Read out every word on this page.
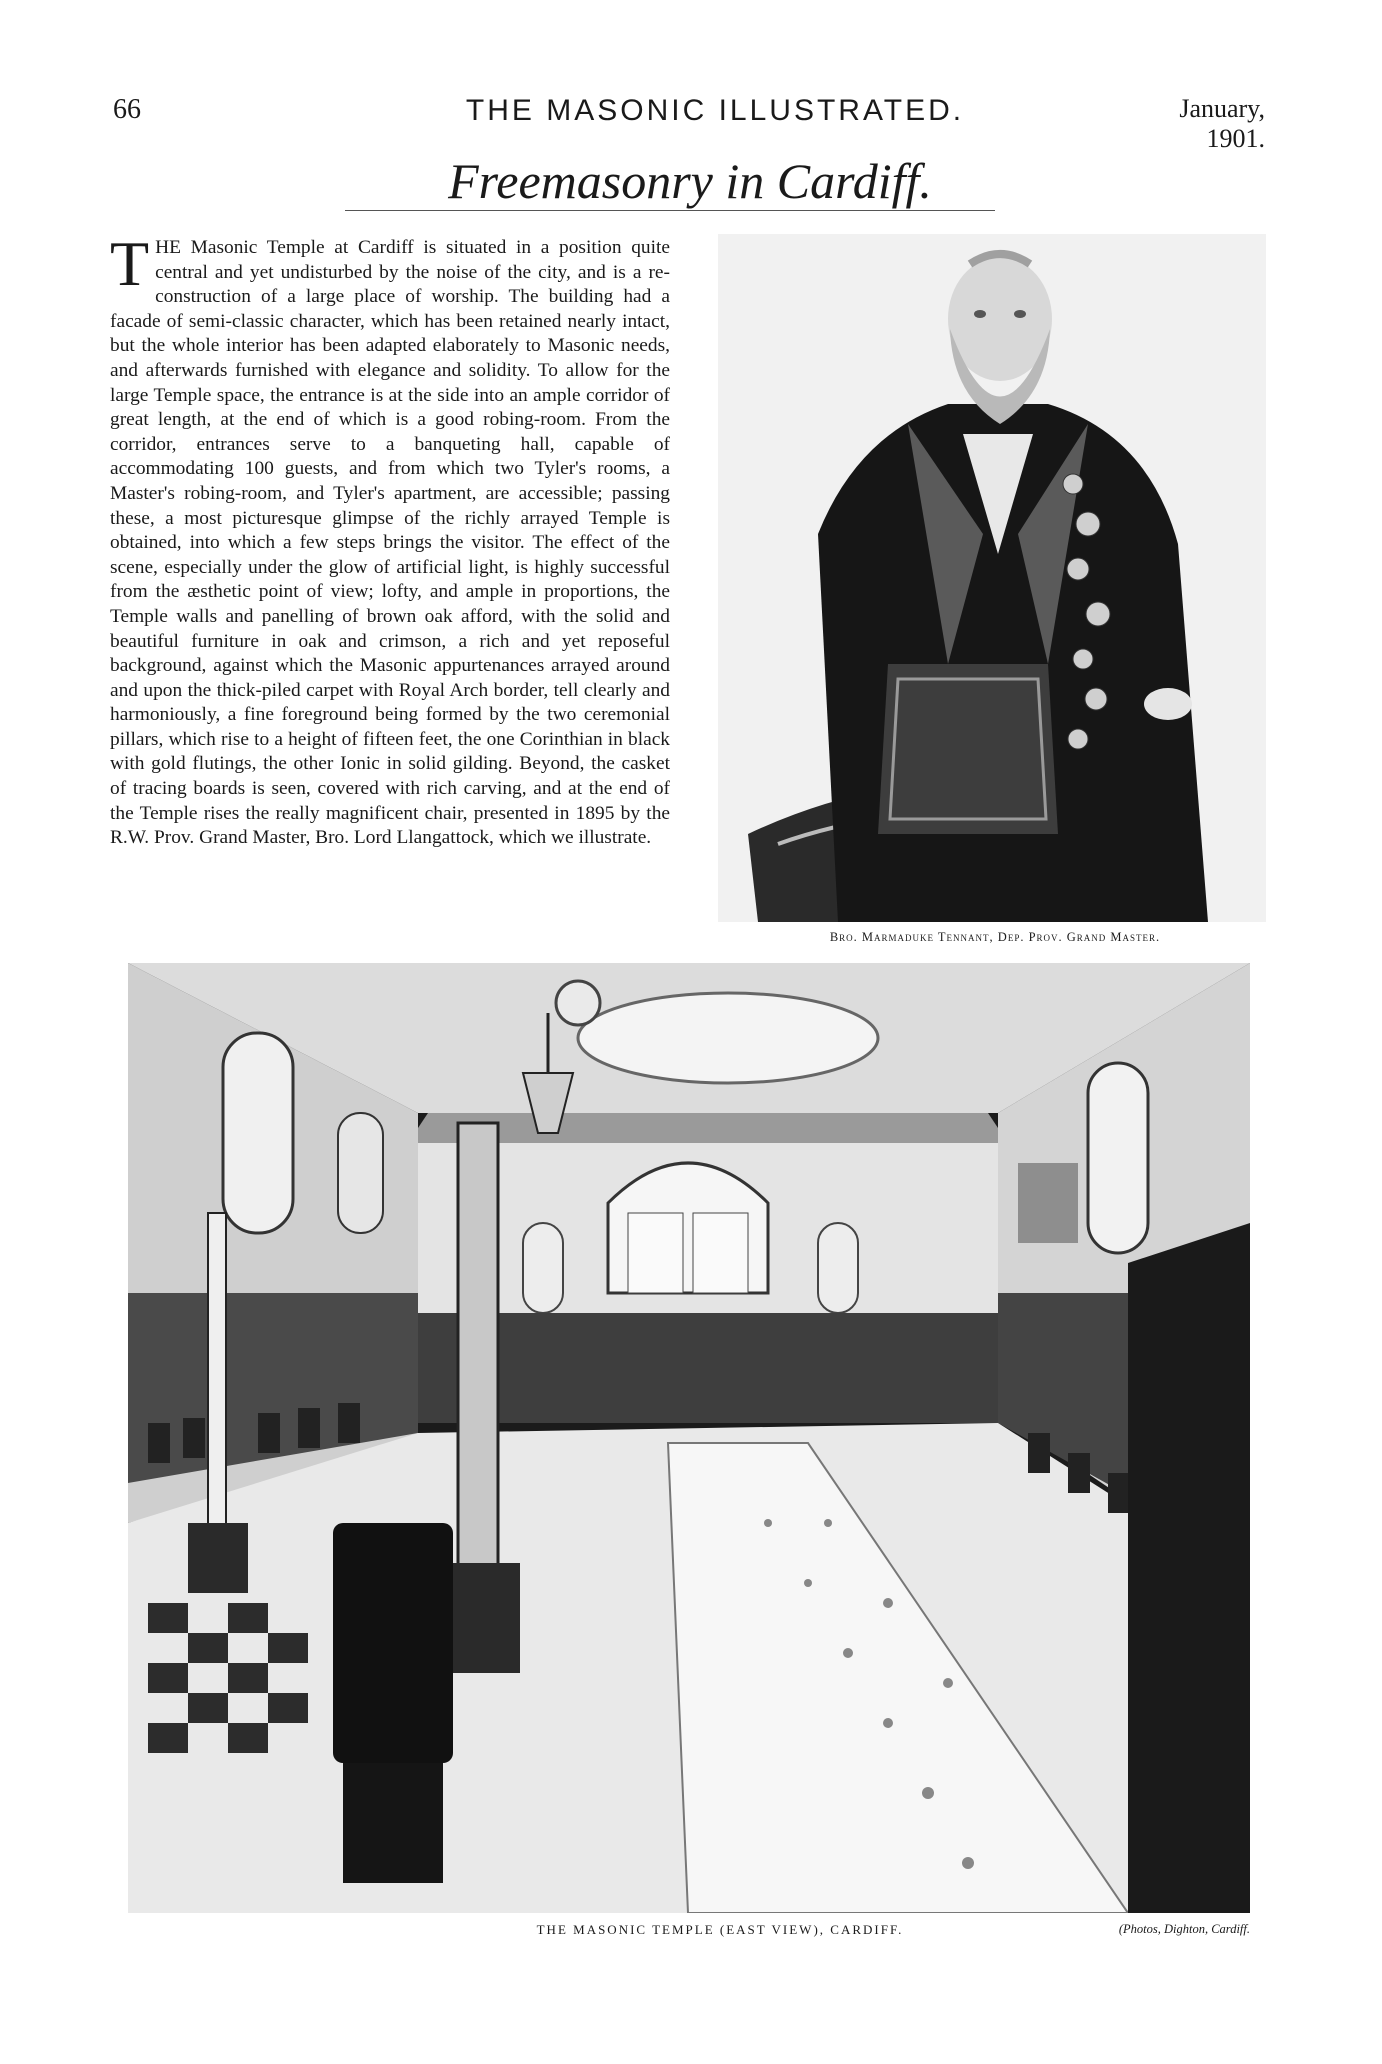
66	THE MASONIC ILLUSTRATED.	January, 1901.
Freemasonry in Cardiff.
THE Masonic Temple at Cardiff is situated in a position quite central and yet undisturbed by the noise of the city, and is a re-construction of a large place of worship. The building had a facade of semi-classic character, which has been retained nearly intact, but the whole interior has been adapted elaborately to Masonic needs, and afterwards furnished with elegance and solidity. To allow for the large Temple space, the entrance is at the side into an ample corridor of great length, at the end of which is a good robing-room. From the corridor, entrances serve to a banqueting hall, capable of accommodating 100 guests, and from which two Tyler's rooms, a Master's robing-room, and Tyler's apartment, are accessible; passing these, a most picturesque glimpse of the richly arrayed Temple is obtained, into which a few steps brings the visitor. The effect of the scene, especially under the glow of artificial light, is highly successful from the æsthetic point of view; lofty, and ample in proportions, the Temple walls and panelling of brown oak afford, with the solid and beautiful furniture in oak and crimson, a rich and yet reposeful background, against which the Masonic appurtenances arrayed around and upon the thick-piled carpet with Royal Arch border, tell clearly and harmoniously, a fine foreground being formed by the two ceremonial pillars, which rise to a height of fifteen feet, the one Corinthian in black with gold flutings, the other Ionic in solid gilding. Beyond, the casket of tracing boards is seen, covered with rich carving, and at the end of the Temple rises the really magnificent chair, presented in 1895 by the R.W. Prov. Grand Master, Bro. Lord Llangattock, which we illustrate.
Bro. Marmaduke Tennant, Dep. Prov. Grand Master.
THE MASONIC TEMPLE (EAST VIEW), CARDIFF.	(Photos, Dighton, Cardiff.
